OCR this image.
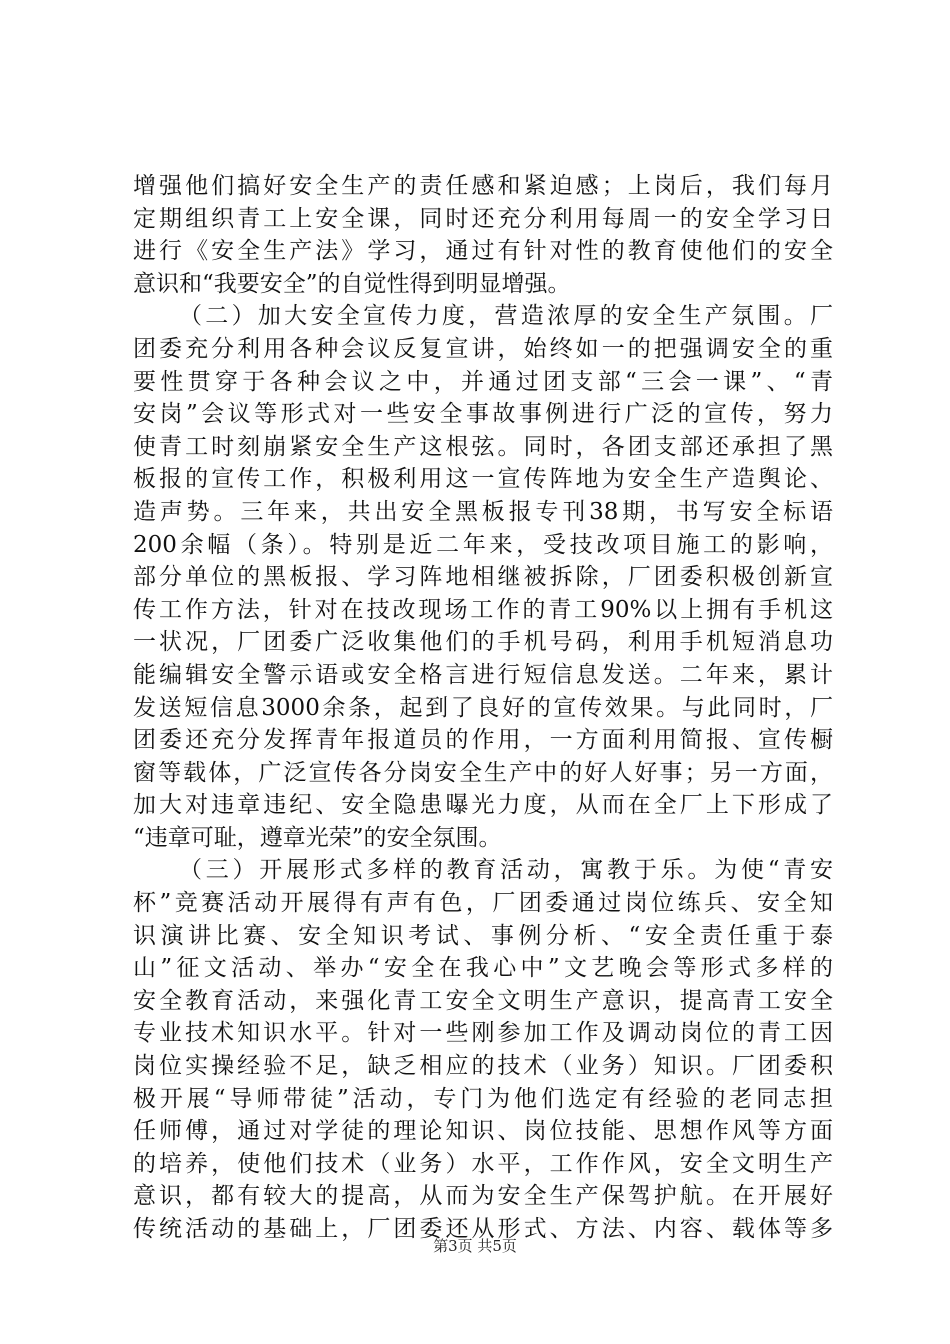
增强他们搞好安全生产的责任感和紧迫感；上岗后，我们每月
定期组织青工上安全课，同时还充分利用每周一的安全学习日
进行《安全生产法》学习，通过有针对性的教育使他们的安全
意识和“我要安全”的自觉性得到明显增强。
（二）加大安全宣传力度，营造浓厚的安全生产氛围。厂
团委充分利用各种会议反复宣讲，始终如一的把强调安全的重
要性贯穿于各种会议之中，并通过团支部“三会一课”、“青
安岗”会议等形式对一些安全事故事例进行广泛的宣传，努力
使青工时刻崩紧安全生产这根弦。同时，各团支部还承担了黑
板报的宣传工作，积极利用这一宣传阵地为安全生产造舆论、
造声势。三年来，共出安全黑板报专刊38期，书写安全标语
200余幅（条）。特别是近二年来，受技改项目施工的影响，
部分单位的黑板报、学习阵地相继被拆除，厂团委积极创新宣
传工作方法，针对在技改现场工作的青工90%以上拥有手机这
一状况，厂团委广泛收集他们的手机号码，利用手机短消息功
能编辑安全警示语或安全格言进行短信息发送。二年来，累计
发送短信息3000余条，起到了良好的宣传效果。与此同时，厂
团委还充分发挥青年报道员的作用，一方面利用简报、宣传橱
窗等载体，广泛宣传各分岗安全生产中的好人好事；另一方面，
加大对违章违纪、安全隐患曝光力度，从而在全厂上下形成了
“违章可耻，遵章光荣”的安全氛围。
（三）开展形式多样的教育活动，寓教于乐。为使“青安
杯”竞赛活动开展得有声有色，厂团委通过岗位练兵、安全知
识演讲比赛、安全知识考试、事例分析、“安全责任重于泰
山”征文活动、举办“安全在我心中”文艺晚会等形式多样的
安全教育活动，来强化青工安全文明生产意识，提高青工安全
专业技术知识水平。针对一些刚参加工作及调动岗位的青工因
岗位实操经验不足，缺乏相应的技术（业务）知识。厂团委积
极开展“导师带徒”活动，专门为他们选定有经验的老同志担
任师傅，通过对学徒的理论知识、岗位技能、思想作风等方面
的培养，使他们技术（业务）水平，工作作风，安全文明生产
意识，都有较大的提高，从而为安全生产保驾护航。在开展好
传统活动的基础上，厂团委还从形式、方法、内容、载体等多
第3页 共5页
